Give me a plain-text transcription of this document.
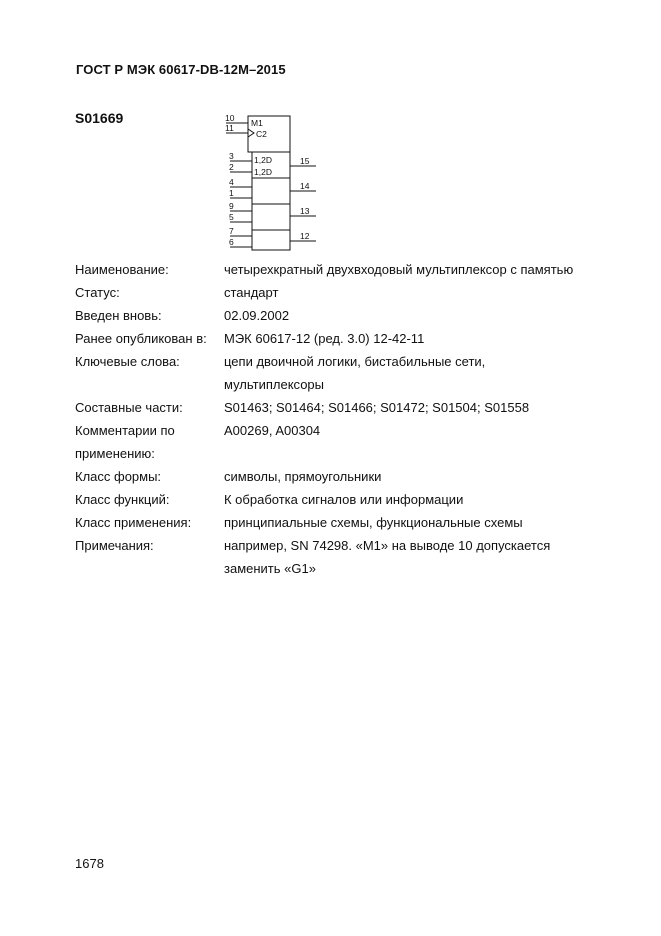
ГОСТ Р МЭК 60617-DB-12M–2015
S01669	10
11 M1
C2
1,2D
1,2D
3
2
4
1
9
5
7
6
15
14
13
12
Наименование:	четырехкратный двухвходовый мультиплексор с памятью
Статус:	стандарт
Введен вновь:	02.09.2002
Ранее опубликован в:	МЭК 60617-12 (ред. 3.0) 12-42-11
Ключевые слова:	цепи двоичной логики, бистабильные сети,
мультиплексоры
Составные части:	S01463; S01464; S01466; S01472; S01504; S01558
Комментарии по	A00269, A00304
применению:
Класс формы:	символы, прямоугольники
Класс функций:	К обработка сигналов или информации
Класс применения:	принципиальные схемы, функциональные схемы
Примечания:	например, SN 74298. «M1» на выводе 10 допускается
заменить «G1»
1678
